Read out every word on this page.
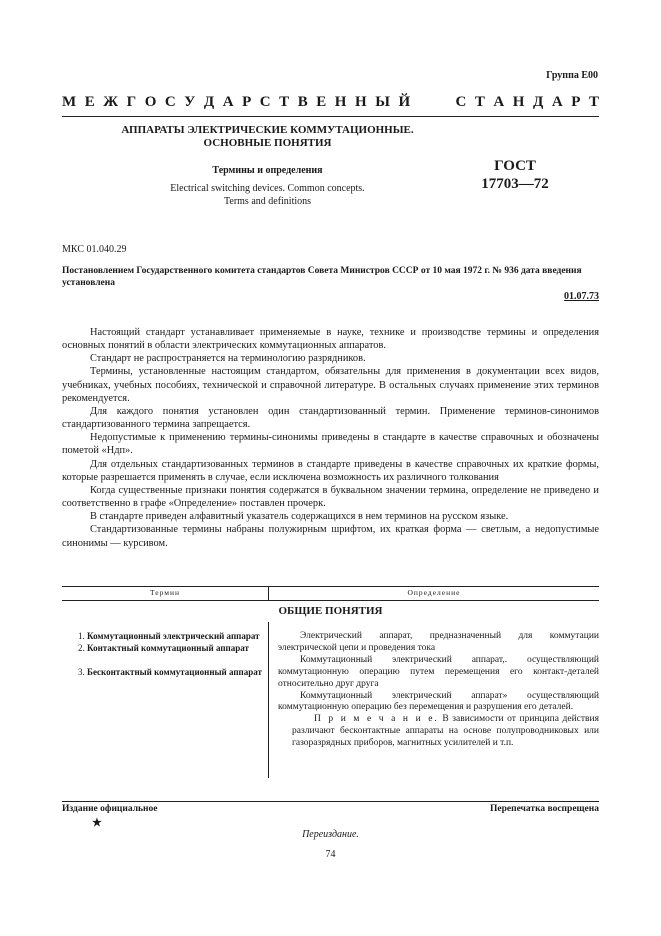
Группа Е00
М Е Ж Г О С У Д А Р С Т В Е Н Н Ы Й

	С Т А Н Д А Р Т
АППАРАТЫ ЭЛЕКТРИЧЕСКИЕ КОММУТАЦИОННЫЕ.
ОСНОВНЫЕ ПОНЯТИЯ
Термины и определения
Electrical switching devices. Common concepts.
Terms and definitions
ГОСТ
17703—72
МКС 01.040.29
Постановлением Государственного комитета стандартов Совета Министров СССР от 10 мая 1972 г. № 936 дата введения установлена
01.07.73

Настоящий стандарт устанавливает применяемые в науке, технике и производстве термины и определения основных понятий в области электрических коммутационных аппаратов.

Стандарт не распространяется на терминологию разрядников.

Термины, установленные настоящим стандартом, обязательны для применения в документации всех видов, учебниках, учебных пособиях, технической и справочной литературе. В остальных случаях применение этих терминов рекомендуется.

Для каждого понятия установлен один стандартизованный термин. Применение терминов-синонимов стандартизованного термина запрещается.

Недопустимые к применению термины-синонимы приведены в стандарте в качестве справочных и обозначены пометой «Ндп».

Для отдельных стандартизованных терминов в стандарте приведены в качестве справочных их краткие формы, которые разрешается применять в случае, если исключена возможность их различного толкования

Когда существенные признаки понятия содержатся в буквальном значении термина, определение не приведено и соответственно в графе «Определение» поставлен прочерк.

В стандарте приведен алфавитный указатель содержащихся в нем терминов на русском языке.

Стандартизованные термины набраны полужирным шрифтом, их краткая форма — светлым, а недопустимые синонимы — курсивом.

Термин	Определение
ОБЩИЕ ПОНЯТИЯ

1. Коммутационный электрический аппарат

2. Контактный коммутационный аппарат

3. Бесконтактный коммутационный аппарат

Электрический аппарат, предназначенный для коммутации электрической цепи и проведения тока

Коммутационный электрический аппарат,. осуществляющий коммутационную операцию путем перемещения его контакт-деталей относительно друг друга

Коммутационный электрический аппарат» осуществляющий коммутационную операцию без перемещения и разрушения его деталей.

П р и м е ч а н и е. В зависимости от принципа действия различают бесконтактные аппараты на основе полупроводниковых или газоразрядных приборов, магнитных усилителей и т.п.

Издание официальное
★
Перепечатка воспрещена
Переиздание.
74
